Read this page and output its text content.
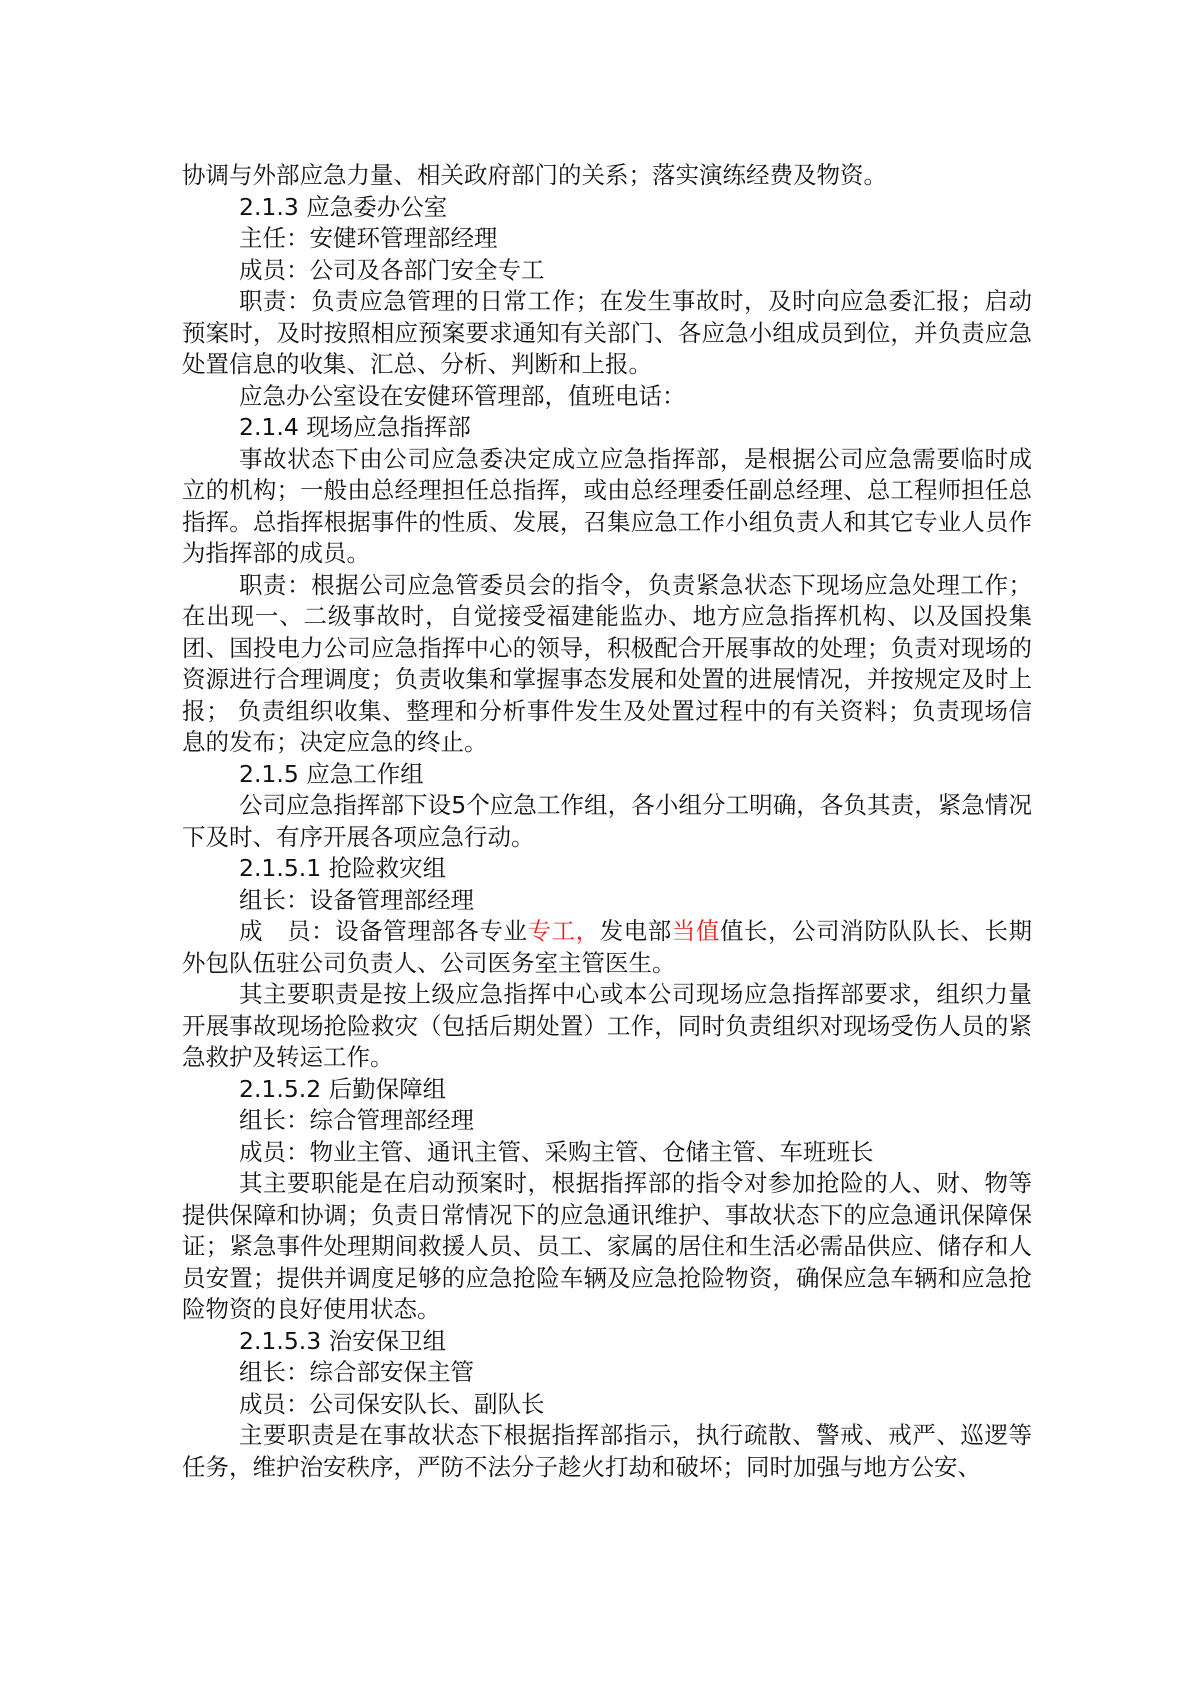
协调与外部应急力量、相关政府部门的关系；落实演练经费及物资。

2.1.3 应急委办公室

主任：安健环管理部经理

成员：公司及各部门安全专工

职责：负责应急管理的日常工作；在发生事故时，及时向应急委汇报；启动预案时，及时按照相应预案要求通知有关部门、各应急小组成员到位，并负责应急处置信息的收集、汇总、分析、判断和上报。

应急办公室设在安健环管理部，值班电话：

2.1.4 现场应急指挥部

事故状态下由公司应急委决定成立应急指挥部，是根据公司应急需要临时成立的机构；一般由总经理担任总指挥，或由总经理委任副总经理、总工程师担任总指挥。总指挥根据事件的性质、发展，召集应急工作小组负责人和其它专业人员作为指挥部的成员。

职责：根据公司应急管委员会的指令，负责紧急状态下现场应急处理工作；在出现一、二级事故时，自觉接受福建能监办、地方应急指挥机构、以及国投集团、国投电力公司应急指挥中心的领导，积极配合开展事故的处理；负责对现场的资源进行合理调度；负责收集和掌握事态发展和处置的进展情况，并按规定及时上报； 负责组织收集、整理和分析事件发生及处置过程中的有关资料；负责现场信息的发布；决定应急的终止。

2.1.5 应急工作组

公司应急指挥部下设5个应急工作组，各小组分工明确，各负其责，紧急情况下及时、有序开展各项应急行动。

2.1.5.1 抢险救灾组

组长：设备管理部经理

成　员：设备管理部各专业专工，发电部当值值长，公司消防队队长、长期外包队伍驻公司负责人、公司医务室主管医生。

其主要职责是按上级应急指挥中心或本公司现场应急指挥部要求，组织力量开展事故现场抢险救灾（包括后期处置）工作，同时负责组织对现场受伤人员的紧急救护及转运工作。

2.1.5.2 后勤保障组

组长：综合管理部经理

成员：物业主管、通讯主管、采购主管、仓储主管、车班班长

其主要职能是在启动预案时，根据指挥部的指令对参加抢险的人、财、物等提供保障和协调；负责日常情况下的应急通讯维护、事故状态下的应急通讯保障保证；紧急事件处理期间救援人员、员工、家属的居住和生活必需品供应、储存和人员安置；提供并调度足够的应急抢险车辆及应急抢险物资，确保应急车辆和应急抢险物资的良好使用状态。

2.1.5.3 治安保卫组

组长：综合部安保主管

成员：公司保安队长、副队长

主要职责是在事故状态下根据指挥部指示，执行疏散、警戒、戒严、巡逻等任务，维护治安秩序，严防不法分子趁火打劫和破坏；同时加强与地方公安、
